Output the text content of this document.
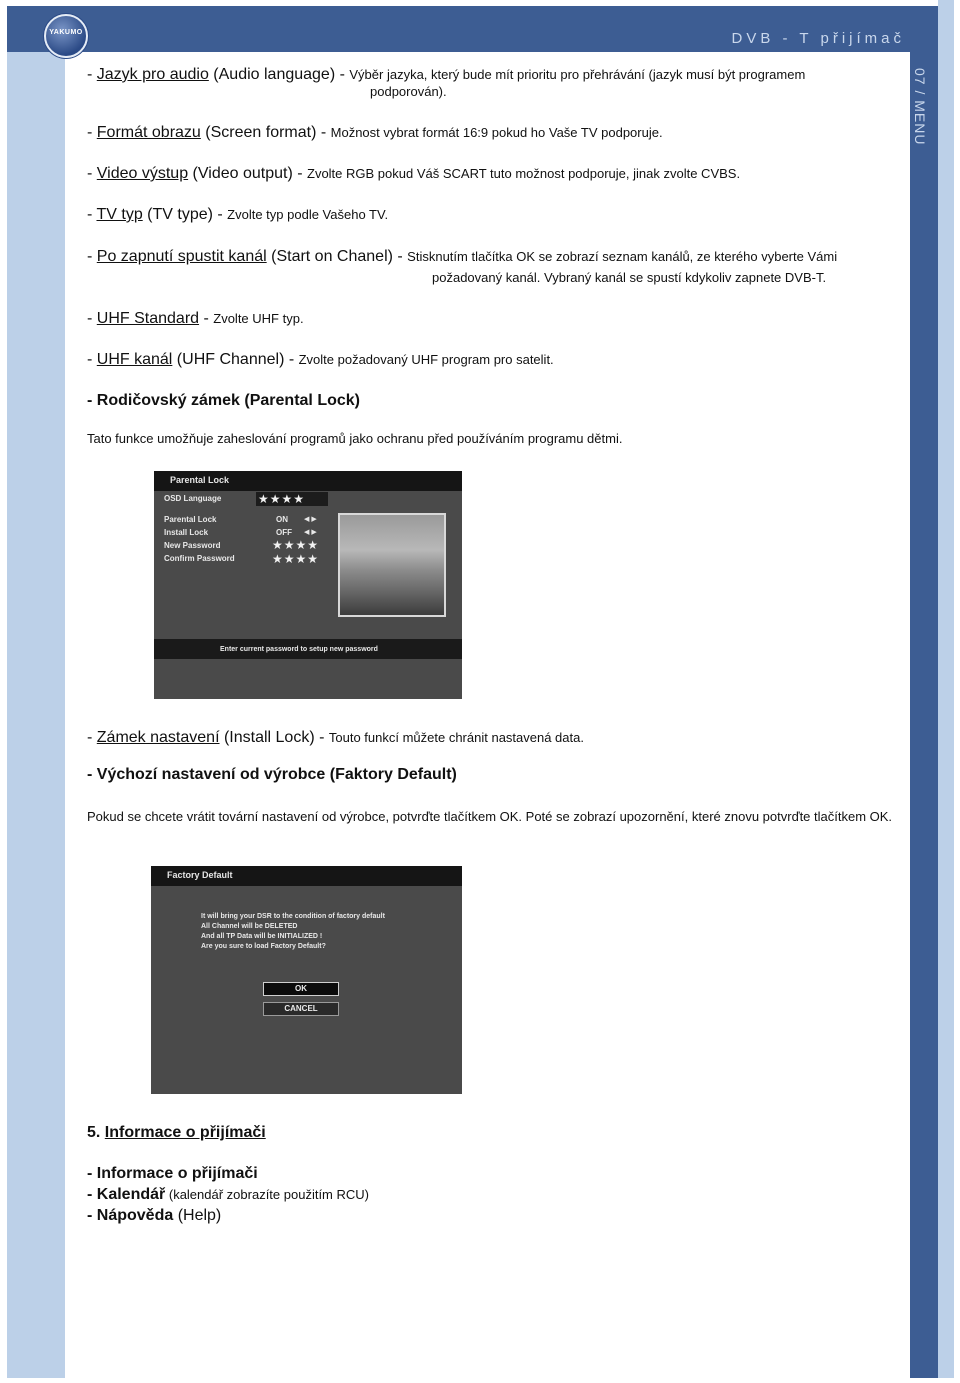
YAKUMO	DVB - T přijímač
07 / MENU
- Jazyk pro audio (Audio language) - Výběr jazyka, který bude mít prioritu pro přehrávání (jazyk musí být programem
podporován).
- Formát obrazu (Screen format) - Možnost vybrat formát 16:9 pokud ho Vaše TV podporuje.
- Video výstup (Video output) - Zvolte RGB pokud Váš SCART tuto možnost podporuje, jinak zvolte CVBS.
- TV typ (TV type) - Zvolte typ podle Vašeho TV.
- Po zapnutí spustit kanál (Start on Chanel) - Stisknutím tlačítka OK se zobrazí seznam kanálů, ze kterého vyberte Vámi
požadovaný kanál. Vybraný kanál se spustí kdykoliv zapnete DVB-T.
- UHF Standard - Zvolte UHF typ.
- UHF kanál (UHF Channel) - Zvolte požadovaný UHF program pro satelit.
- Rodičovský zámek (Parental Lock)
Tato funkce umožňuje zaheslování programů jako ochranu před používáním programu dětmi.
Parental Lock
OSD Language	★★★★
Parental Lock	ON ◀ ▶
Install Lock	OFF ◀ ▶
New Password	★★★★
Confirm Password	★★★★
Enter current password to setup new password
- Zámek nastavení (Install Lock) - Touto funkcí můžete chránit nastavená data.
- Výchozí nastavení od výrobce (Faktory Default)
Pokud se chcete vrátit tovární nastavení od výrobce, potvrďte tlačítkem OK. Poté se zobrazí upozornění, které znovu potvrďte tlačítkem OK.
Factory Default
It will bring your DSR to the condition of factory default
All Channel will be DELETED
And all TP Data will be INITIALIZED !
Are you sure to load Factory Default?
OK
CANCEL
5. Informace o přijímači
- Informace o přijímači
- Kalendář (kalendář zobrazíte použitím RCU)
- Nápověda (Help)
